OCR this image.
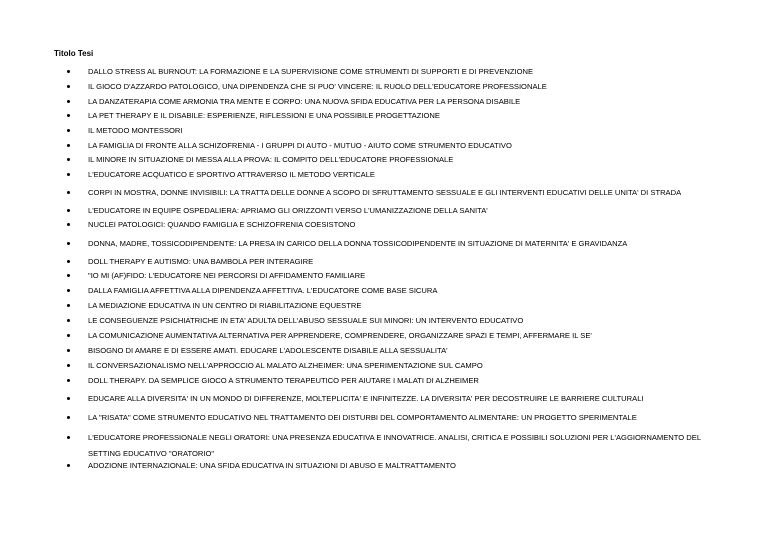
Titolo Tesi
DALLO STRESS AL BURNOUT: LA FORMAZIONE E LA SUPERVISIONE COME STRUMENTI DI SUPPORTI E DI PREVENZIONE
IL GIOCO D'AZZARDO PATOLOGICO, UNA DIPENDENZA CHE SI PUO' VINCERE: IL RUOLO DELL'EDUCATORE PROFESSIONALE
LA DANZATERAPIA COME ARMONIA TRA MENTE E CORPO: UNA NUOVA SFIDA EDUCATIVA PER LA PERSONA DISABILE
LA PET THERAPY E IL DISABILE: ESPERIENZE, RIFLESSIONI E UNA POSSIBILE PROGETTAZIONE
IL METODO MONTESSORI
LA FAMIGLIA DI FRONTE ALLA SCHIZOFRENIA - I GRUPPI DI AUTO - MUTUO - AIUTO COME STRUMENTO EDUCATIVO
IL MINORE IN SITUAZIONE DI MESSA ALLA PROVA: IL COMPITO DELL'EDUCATORE PROFESSIONALE
L'EDUCATORE ACQUATICO E SPORTIVO ATTRAVERSO IL METODO VERTICALE
CORPI IN MOSTRA, DONNE INVISIBILI: LA TRATTA DELLE DONNE A SCOPO DI SFRUTTAMENTO SESSUALE E GLI INTERVENTI EDUCATIVI DELLE UNITA' DI STRADA
L'EDUCATORE IN EQUIPE OSPEDALIERA: APRIAMO GLI ORIZZONTI VERSO L'UMANIZZAZIONE DELLA SANITA'
NUCLEI PATOLOGICI: QUANDO FAMIGLIA E SCHIZOFRENIA COESISTONO
DONNA, MADRE, TOSSICODIPENDENTE: LA PRESA IN CARICO DELLA DONNA TOSSICODIPENDENTE IN SITUAZIONE DI MATERNITA' E GRAVIDANZA
DOLL THERAPY E AUTISMO: UNA BAMBOLA PER INTERAGIRE
"IO MI (AF)FIDO: L'EDUCATORE NEI PERCORSI DI AFFIDAMENTO FAMILIARE
DALLA FAMIGLIA AFFETTIVA ALLA DIPENDENZA AFFETTIVA. L'EDUCATORE COME BASE SICURA
LA MEDIAZIONE EDUCATIVA IN UN CENTRO DI RIABILITAZIONE EQUESTRE
LE CONSEGUENZE PSICHIATRICHE IN ETA' ADULTA DELL'ABUSO SESSUALE SUI MINORI: UN INTERVENTO EDUCATIVO
LA COMUNICAZIONE AUMENTATIVA ALTERNATIVA PER APPRENDERE, COMPRENDERE, ORGANIZZARE SPAZI E TEMPI, AFFERMARE IL SE'
BISOGNO DI AMARE E DI ESSERE AMATI. EDUCARE L'ADOLESCENTE DISABILE ALLA SESSUALITA'
IL CONVERSAZIONALISMO NELL'APPROCCIO AL MALATO ALZHEIMER: UNA SPERIMENTAZIONE SUL CAMPO
DOLL THERAPY. DA SEMPLICE GIOCO A STRUMENTO TERAPEUTICO PER AIUTARE I MALATI DI ALZHEIMER
EDUCARE ALLA DIVERSITA' IN UN MONDO DI DIFFERENZE, MOLTEPLICITA' E INFINITEZZE. LA DIVERSITA' PER DECOSTRUIRE LE BARRIERE CULTURALI
LA "RISATA" COME STRUMENTO EDUCATIVO NEL TRATTAMENTO DEI DISTURBI DEL COMPORTAMENTO ALIMENTARE: UN PROGETTO SPERIMENTALE
L'EDUCATORE PROFESSIONALE NEGLI ORATORI: UNA PRESENZA EDUCATIVA E INNOVATRICE. ANALISI, CRITICA E POSSIBILI SOLUZIONI PER L'AGGIORNAMENTO DEL SETTING EDUCATIVO "ORATORIO"
ADOZIONE INTERNAZIONALE: UNA SFIDA EDUCATIVA IN SITUAZIONI DI ABUSO E MALTRATTAMENTO
